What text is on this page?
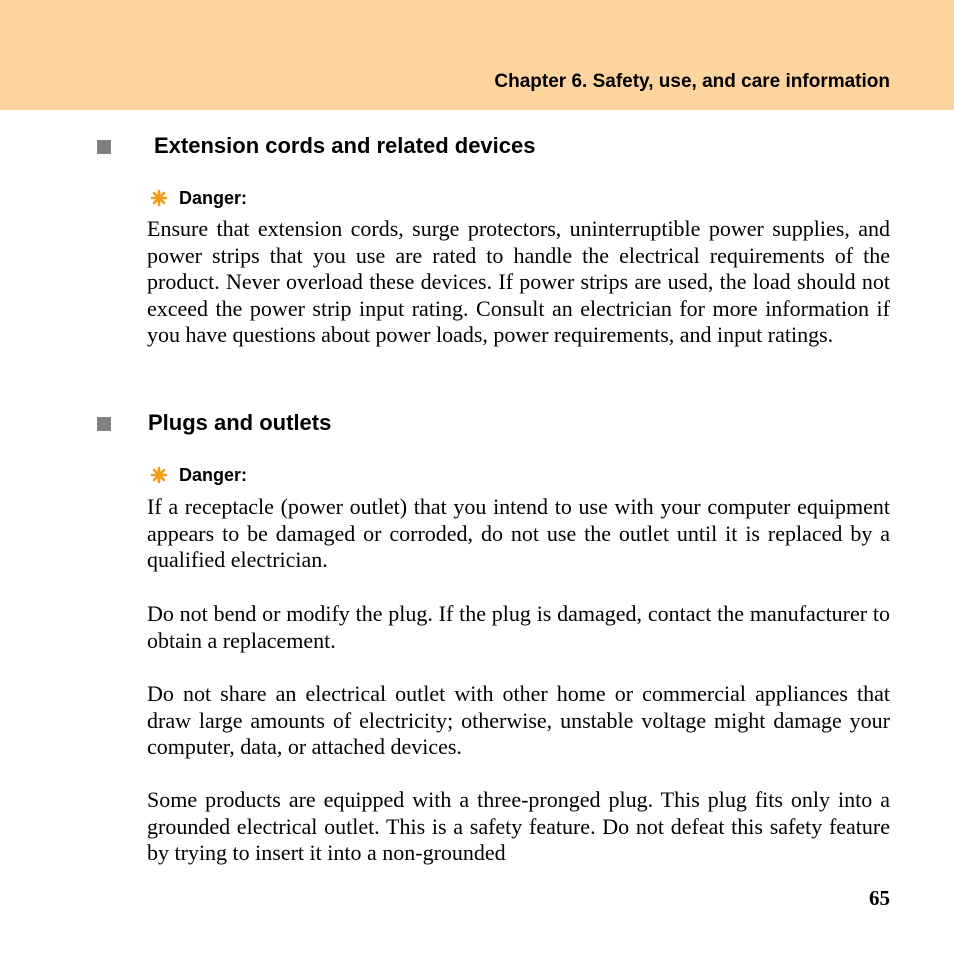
Chapter 6. Safety, use, and care information
Extension cords and related devices
Danger:

Ensure that extension cords, surge protectors, uninterruptible power supplies, and power strips that you use are rated to handle the electrical requirements of the product. Never overload these devices. If power strips are used, the load should not exceed the power strip input rating. Consult an electrician for more information if you have questions about power loads, power requirements, and input ratings.

Plugs and outlets
Danger:

If a receptacle (power outlet) that you intend to use with your computer equipment appears to be damaged or corroded, do not use the outlet until it is replaced by a qualified electrician.

Do not bend or modify the plug. If the plug is damaged, contact the manufacturer to obtain a replacement.

Do not share an electrical outlet with other home or commercial appliances that draw large amounts of electricity; otherwise, unstable voltage might damage your computer, data, or attached devices.

Some products are equipped with a three-pronged plug. This plug fits only into a grounded electrical outlet. This is a safety feature. Do not defeat this safety feature by trying to insert it into a non-grounded

65
